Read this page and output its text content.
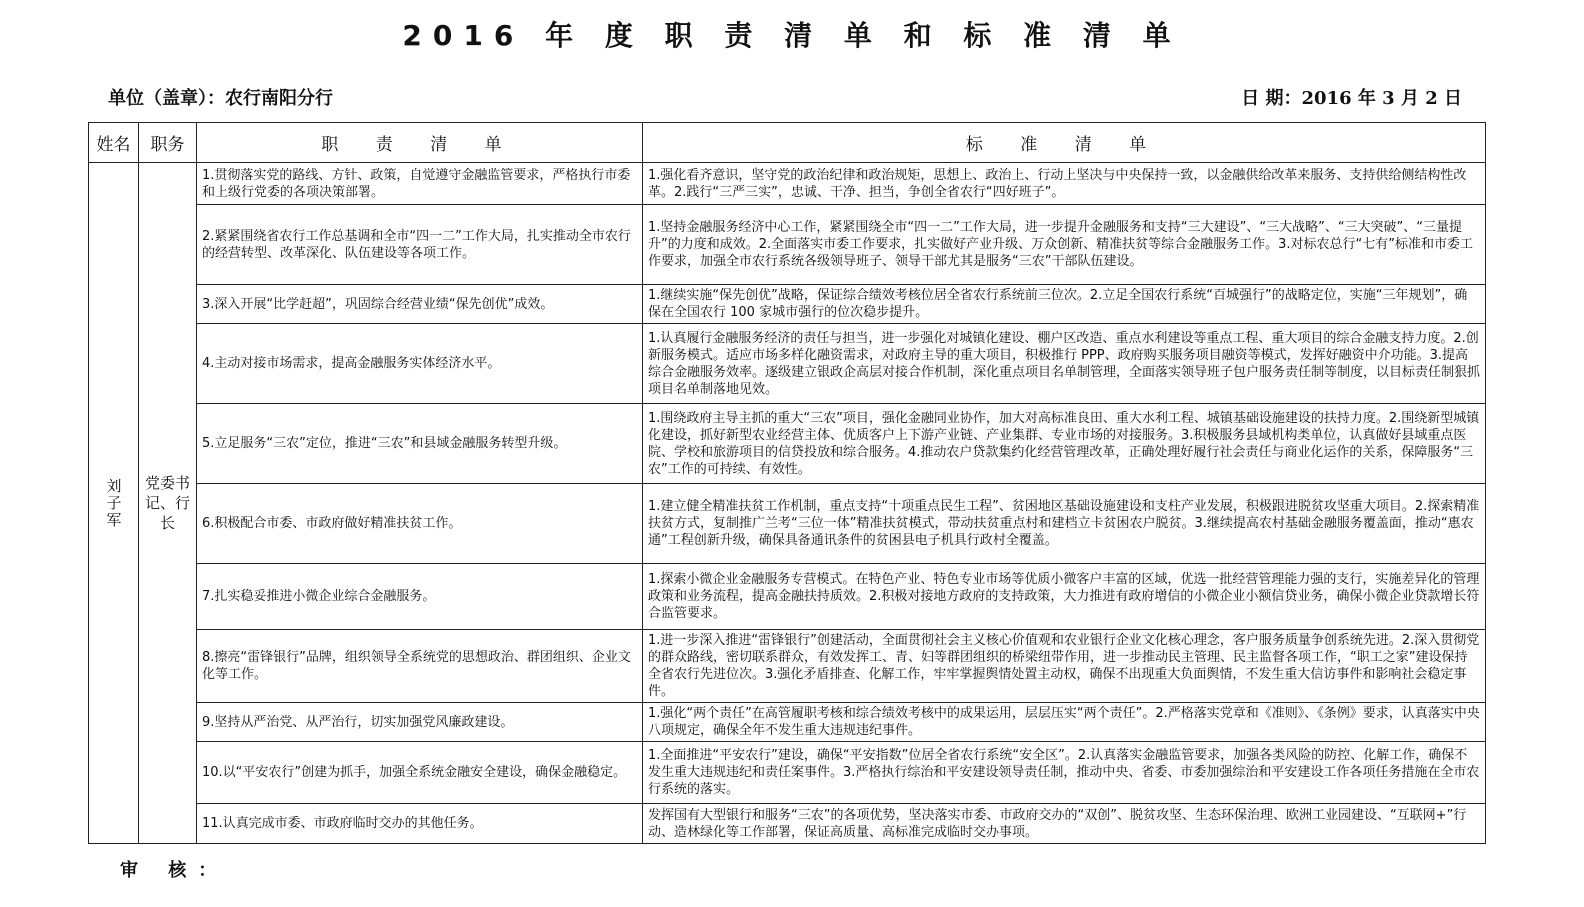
2016 年 度 职 责 清 单 和 标 准 清 单
单位（盖章）：农行南阳分行	日 期：2016 年 3 月 2 日
姓名	职务	职 责 清 单	标 准 清 单
刘子军	党委书记、行长	1.贯彻落实党的路线、方针、政策，自觉遵守金融监管要求，严格执行市委和上级行党委的各项决策部署。	1.强化看齐意识，坚守党的政治纪律和政治规矩，思想上、政治上、行动上坚决与中央保持一致，以金融供给改革来服务、支持供给侧结构性改革。2.践行“三严三实”，忠诚、干净、担当，争创全省农行“四好班子”。
		2.紧紧围绕省农行工作总基调和全市“四一二”工作大局，扎实推动全市农行的经营转型、改革深化、队伍建设等各项工作。	1.坚持金融服务经济中心工作，紧紧围绕全市“四一二”工作大局，进一步提升金融服务和支持“三大建设”、“三大战略”、“三大突破”、“三量提升”的力度和成效。2.全面落实市委工作要求，扎实做好产业升级、万众创新、精准扶贫等综合金融服务工作。3.对标农总行“七有”标准和市委工作要求，加强全市农行系统各级领导班子、领导干部尤其是服务“三农”干部队伍建设。
		3.深入开展“比学赶超”，巩固综合经营业绩“保先创优”成效。	1.继续实施“保先创优”战略，保证综合绩效考核位居全省农行系统前三位次。2.立足全国农行系统“百城强行”的战略定位，实施“三年规划”，确保在全国农行 100 家城市强行的位次稳步提升。
		4.主动对接市场需求，提高金融服务实体经济水平。	1.认真履行金融服务经济的责任与担当，进一步强化对城镇化建设、棚户区改造、重点水利建设等重点工程、重大项目的综合金融支持力度。2.创新服务模式。适应市场多样化融资需求，对政府主导的重大项目，积极推行 PPP、政府购买服务项目融资等模式，发挥好融资中介功能。3.提高综合金融服务效率。逐级建立银政企高层对接合作机制，深化重点项目名单制管理，全面落实领导班子包户服务责任制等制度，以目标责任制狠抓项目名单制落地见效。
		5.立足服务“三农”定位，推进“三农”和县域金融服务转型升级。	1.围绕政府主导主抓的重大“三农”项目，强化金融同业协作，加大对高标准良田、重大水利工程、城镇基础设施建设的扶持力度。2.围绕新型城镇化建设，抓好新型农业经营主体、优质客户上下游产业链、产业集群、专业市场的对接服务。3.积极服务县域机构类单位，认真做好县域重点医院、学校和旅游项目的信贷投放和综合服务。4.推动农户贷款集约化经营管理改革，正确处理好履行社会责任与商业化运作的关系，保障服务“三农”工作的可持续、有效性。
		6.积极配合市委、市政府做好精准扶贫工作。	1.建立健全精准扶贫工作机制，重点支持“十项重点民生工程”、贫困地区基础设施建设和支柱产业发展，积极跟进脱贫攻坚重大项目。2.探索精准扶贫方式，复制推广兰考“三位一体”精准扶贫模式，带动扶贫重点村和建档立卡贫困农户脱贫。3.继续提高农村基础金融服务覆盖面，推动“惠农通”工程创新升级，确保具备通讯条件的贫困县电子机具行政村全覆盖。
		7.扎实稳妥推进小微企业综合金融服务。	1.探索小微企业金融服务专营模式。在特色产业、特色专业市场等优质小微客户丰富的区域，优选一批经营管理能力强的支行，实施差异化的管理政策和业务流程，提高金融扶持质效。2.积极对接地方政府的支持政策，大力推进有政府增信的小微企业小额信贷业务，确保小微企业贷款增长符合监管要求。
		8.擦亮“雷锋银行”品牌，组织领导全系统党的思想政治、群团组织、企业文化等工作。	1.进一步深入推进“雷锋银行”创建活动，全面贯彻社会主义核心价值观和农业银行企业文化核心理念，客户服务质量争创系统先进。2.深入贯彻党的群众路线，密切联系群众，有效发挥工、青、妇等群团组织的桥梁纽带作用，进一步推动民主管理、民主监督各项工作，“职工之家”建设保持全省农行先进位次。3.强化矛盾排查、化解工作，牢牢掌握舆情处置主动权，确保不出现重大负面舆情，不发生重大信访事件和影响社会稳定事件。
		9.坚持从严治党、从严治行，切实加强党风廉政建设。	1.强化“两个责任”在高管履职考核和综合绩效考核中的成果运用，层层压实“两个责任”。2.严格落实党章和《准则》、《条例》要求，认真落实中央八项规定，确保全年不发生重大违规违纪事件。
		10.以“平安农行”创建为抓手，加强全系统金融安全建设，确保金融稳定。	1.全面推进“平安农行”建设，确保“平安指数”位居全省农行系统“安全区”。2.认真落实金融监管要求，加强各类风险的防控、化解工作，确保不发生重大违规违纪和责任案事件。3.严格执行综治和平安建设领导责任制，推动中央、省委、市委加强综治和平安建设工作各项任务措施在全市农行系统的落实。
		11.认真完成市委、市政府临时交办的其他任务。	发挥国有大型银行和服务“三农”的各项优势，坚决落实市委、市政府交办的“双创”、脱贫攻坚、生态环保治理、欧洲工业园建设、“互联网+”行动、造林绿化等工作部署，保证高质量、高标准完成临时交办事项。
审 核：
